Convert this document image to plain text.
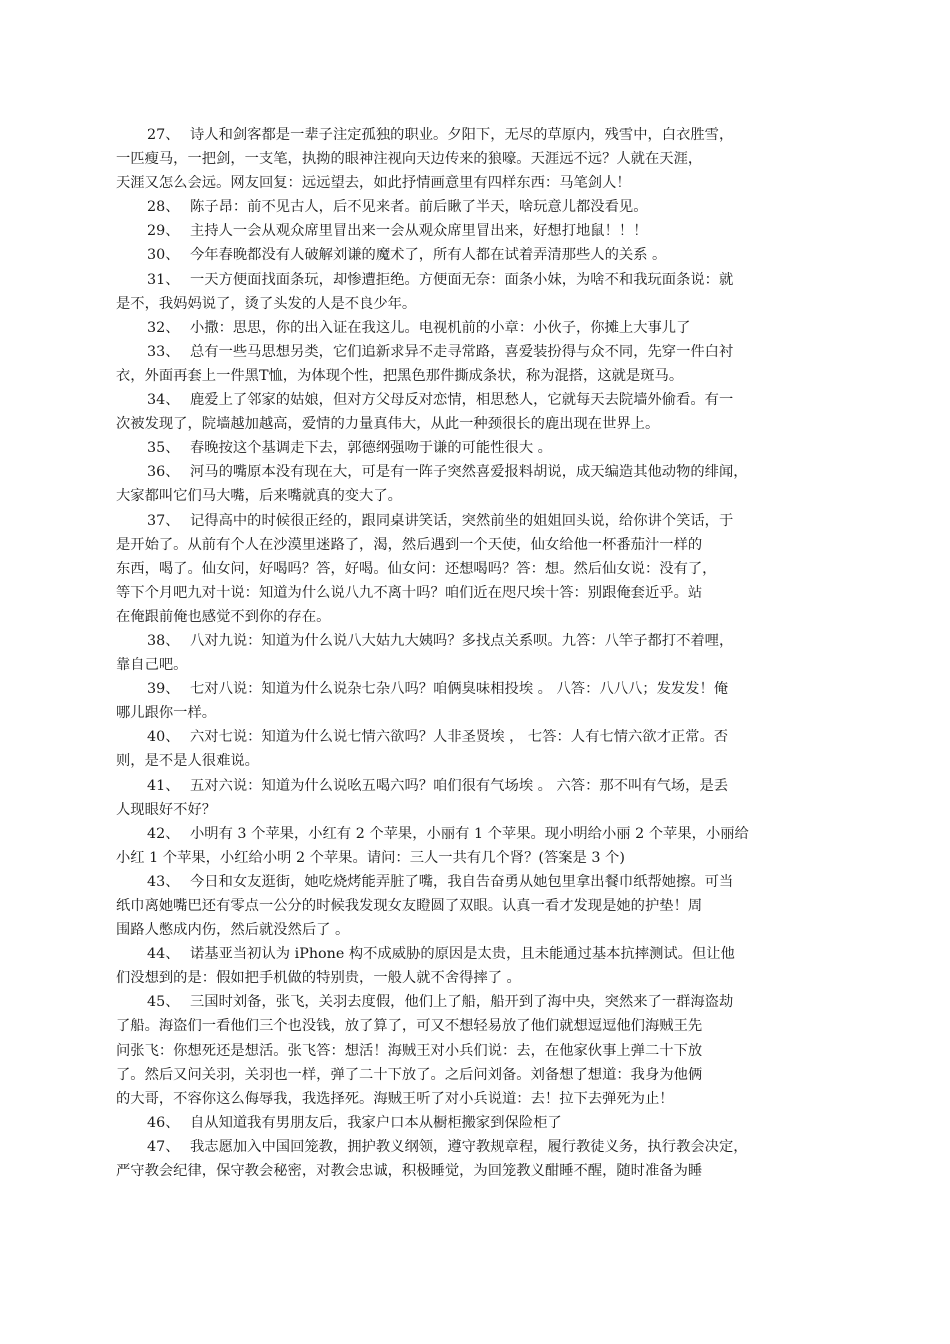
27、 诗人和剑客都是一辈子注定孤独的职业。夕阳下，无尽的草原内，残雪中，白衣胜雪，
一匹瘦马，一把剑，一支笔，执拗的眼神注视向天边传来的狼嚎。天涯远不远？人就在天涯，
天涯又怎么会远。网友回复：远远望去，如此抒情画意里有四样东西：马笔剑人！
28、 陈子昂：前不见古人，后不见来者。前后瞅了半天，啥玩意儿都没看见。
29、 主持人一会从观众席里冒出来一会从观众席里冒出来，好想打地鼠！！！
30、 今年春晚都没有人破解刘谦的魔术了，所有人都在试着弄清那些人的关系 。
31、 一天方便面找面条玩，却惨遭拒绝。方便面无奈：面条小妹，为啥不和我玩面条说：就
是不，我妈妈说了，烫了头发的人是不良少年。
32、 小撒：思思，你的出入证在我这儿。电视机前的小章：小伙子，你摊上大事儿了
33、 总有一些马思想另类，它们追新求异不走寻常路，喜爱装扮得与众不同，先穿一件白衬
衣，外面再套上一件黑T恤，为体现个性，把黑色那件撕成条状，称为混搭，这就是斑马。
34、 鹿爱上了邻家的姑娘，但对方父母反对恋情，相思愁人，它就每天去院墙外偷看。有一
次被发现了，院墙越加越高，爱情的力量真伟大，从此一种颈很长的鹿出现在世界上。
35、 春晚按这个基调走下去，郭德纲强吻于谦的可能性很大 。
36、 河马的嘴原本没有现在大，可是有一阵子突然喜爱报料胡说，成天编造其他动物的绯闻，
大家都叫它们马大嘴，后来嘴就真的变大了。
37、 记得高中的时候很正经的，跟同桌讲笑话，突然前坐的姐姐回头说，给你讲个笑话，于
是开始了。从前有个人在沙漠里迷路了，渴，然后遇到一个天使，仙女给他一杯番茄汁一样的
东西，喝了。仙女问，好喝吗？答，好喝。仙女问：还想喝吗？答：想。然后仙女说：没有了，
等下个月吧九对十说：知道为什么说八九不离十吗？咱们近在咫尺埃十答：别跟俺套近乎。站
在俺跟前俺也感觉不到你的存在。
38、 八对九说：知道为什么说八大姑九大姨吗？多找点关系呗。九答：八竿子都打不着哩，
靠自己吧。
39、 七对八说：知道为什么说杂七杂八吗？咱俩臭味相投埃 。 八答：八八八；发发发！俺
哪儿跟你一样。
40、 六对七说：知道为什么说七情六欲吗？人非圣贤埃 ， 七答：人有七情六欲才正常。否
则，是不是人很难说。
41、 五对六说：知道为什么说吆五喝六吗？咱们很有气场埃 。 六答：那不叫有气场，是丢
人现眼好不好？
42、 小明有 3 个苹果，小红有 2 个苹果，小丽有 1 个苹果。现小明给小丽 2 个苹果，小丽给
小红 1 个苹果，小红给小明 2 个苹果。请问：三人一共有几个肾？(答案是 3 个)
43、 今日和女友逛街，她吃烧烤能弄脏了嘴，我自告奋勇从她包里拿出餐巾纸帮她擦。可当
纸巾离她嘴巴还有零点一公分的时候我发现女友瞪圆了双眼。认真一看才发现是她的护垫！周
围路人憋成内伤，然后就没然后了 。
44、 诺基亚当初认为 iPhone 构不成威胁的原因是太贵，且未能通过基本抗摔测试。但让他
们没想到的是：假如把手机做的特别贵，一般人就不舍得摔了 。
45、 三国时刘备，张飞，关羽去度假，他们上了船，船开到了海中央，突然来了一群海盗劫
了船。海盗们一看他们三个也没钱，放了算了，可又不想轻易放了他们就想逗逗他们海贼王先
问张飞：你想死还是想活。张飞答：想活！海贼王对小兵们说：去，在他家伙事上弹二十下放
了。然后又问关羽，关羽也一样，弹了二十下放了。之后问刘备。刘备想了想道：我身为他俩
的大哥，不容你这么侮辱我，我选择死。海贼王听了对小兵说道：去！拉下去弹死为止！
46、 自从知道我有男朋友后，我家户口本从橱柜搬家到保险柜了
47、 我志愿加入中国回笼教，拥护教义纲领，遵守教规章程，履行教徒义务，执行教会决定，
严守教会纪律，保守教会秘密，对教会忠诚，积极睡觉，为回笼教义酣睡不醒，随时准备为睡
